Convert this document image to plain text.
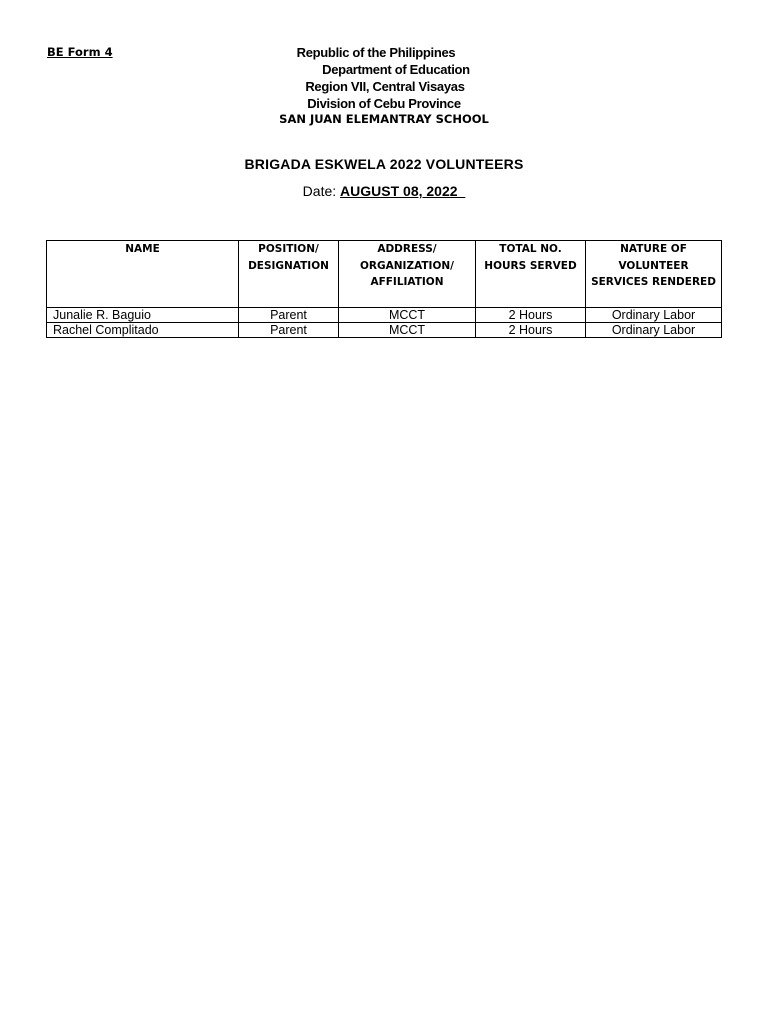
BE Form 4	Republic of the Philippines
Department of Education
Region VII, Central Visayas
Division of Cebu Province
SAN JUAN ELEMANTRAY SCHOOL
BRIGADA ESKWELA 2022 VOLUNTEERS
Date: AUGUST 08, 2022
NAME	POSITION/ DESIGNATION	ADDRESS/ ORGANIZATION/ AFFILIATION	TOTAL NO. HOURS SERVED	NATURE OF VOLUNTEER SERVICES RENDERED
Junalie R. Baguio	Parent	MCCT	2 Hours	Ordinary Labor
Rachel Complitado	Parent	MCCT	2 Hours	Ordinary Labor
